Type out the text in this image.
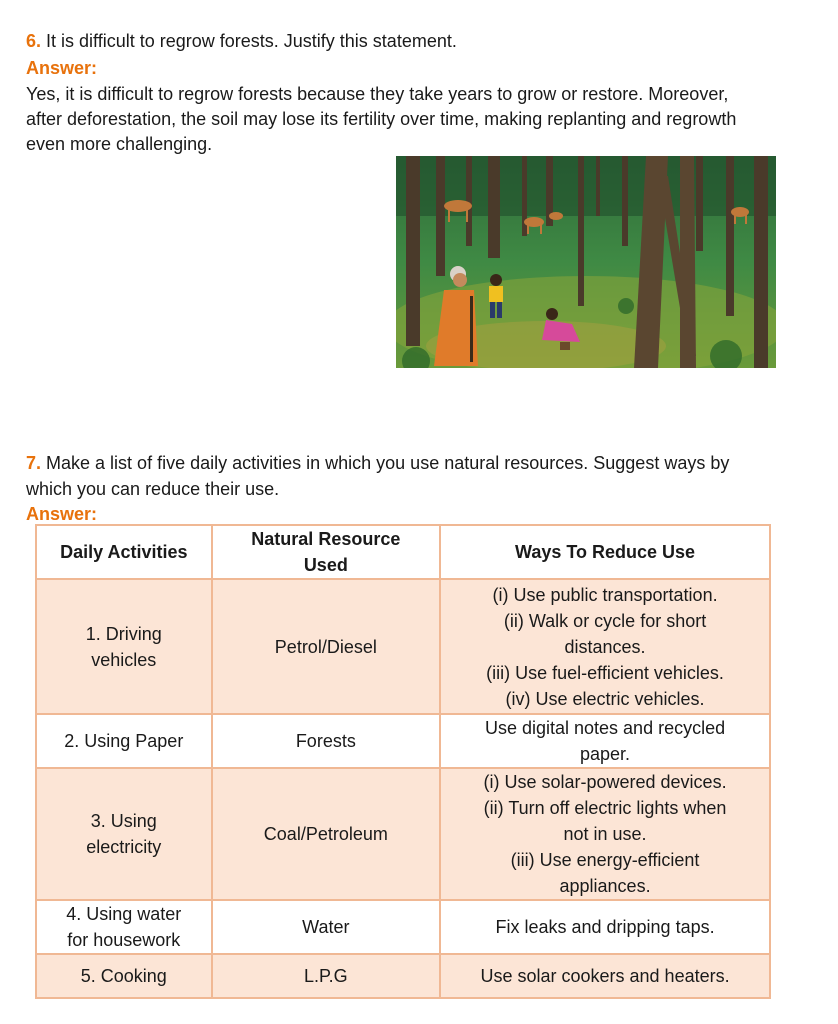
6. It is difficult to regrow forests. Justify this statement.
Answer:
Yes, it is difficult to regrow forests because they take years to grow or restore. Moreover,
after deforestation, the soil may lose its fertility over time, making replanting and regrowth
even more challenging.
7. Make a list of five daily activities in which you use natural resources. Suggest ways by
which you can reduce their use.
Answer:
Daily Activities	Natural Resource
Used	Ways To Reduce Use

1. Driving
vehicles	Petrol/Diesel	(i) Use public transportation.
(ii) Walk or cycle for short
distances.
(iii) Use fuel-efficient vehicles.
(iv) Use electric vehicles.

2. Using Paper	Forests	Use digital notes and recycled
paper.

3. Using
electricity	Coal/Petroleum	(i) Use solar-powered devices.
(ii) Turn off electric lights when
not in use.
(iii) Use energy-efficient
appliances.

4. Using water
for housework	Water	Fix leaks and dripping taps.
5. Cooking	L.P.G	Use solar cookers and heaters.
